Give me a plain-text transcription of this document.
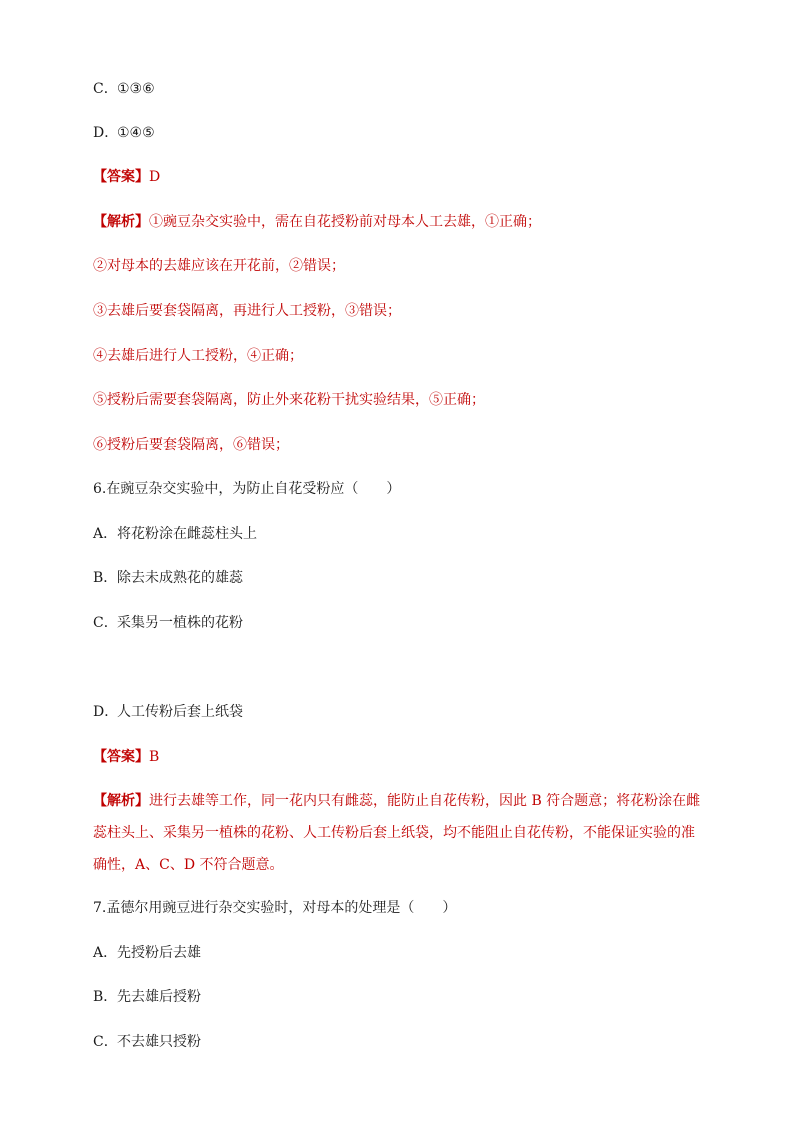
C．①③⑥
D．①④⑤
【答案】D
【解析】①豌豆杂交实验中，需在自花授粉前对母本人工去雄，①正确；
②对母本的去雄应该在开花前，②错误；
③去雄后要套袋隔离，再进行人工授粉，③错误；
④去雄后进行人工授粉，④正确；
⑤授粉后需要套袋隔离，防止外来花粉干扰实验结果，⑤正确；
⑥授粉后要套袋隔离，⑥错误；
6.在豌豆杂交实验中，为防止自花受粉应（　　）
A．将花粉涂在雌蕊柱头上
B．除去未成熟花的雄蕊
C．采集另一植株的花粉
D．人工传粉后套上纸袋
【答案】B
【解析】进行去雄等工作，同一花内只有雌蕊，能防止自花传粉，因此 B 符合题意；将花粉涂在雌蕊柱头上、采集另一植株的花粉、人工传粉后套上纸袋，均不能阻止自花传粉，不能保证实验的准确性，A、C、D 不符合题意。
7.孟德尔用豌豆进行杂交实验时，对母本的处理是（　　）
A．先授粉后去雄
B．先去雄后授粉
C．不去雄只授粉
